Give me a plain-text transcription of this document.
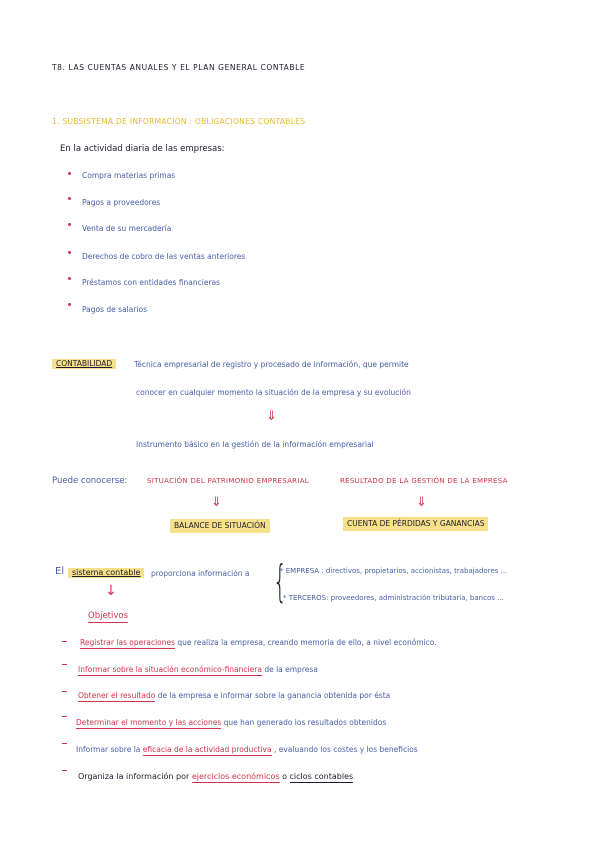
T8. LAS CUENTAS ANUALES Y EL PLAN GENERAL CONTABLE
1. SUBSISTEMA DE INFORMACIÓN . OBLIGACIONES CONTABLES
En la actividad diaria de las empresas:
Compra materias primas
Pagos a proveedores
Venta de su mercadería
Derechos de cobro de las ventas anteriores
Préstamos con entidades financieras
Pagos de salarios
CONTABILIDAD	Técnica empresarial de registro y procesado de información, que permite
conocer en cualquier momento la situación de la empresa y su evolución
⇓
Instrumento básico en la gestión de la información empresarial
Puede conocerse:	SITUACIÓN DEL PATRIMONIO EMPRESARIAL	RESULTADO DE LA GESTIÓN DE LA EMPRESA
⇓	⇓
BALANCE DE SITUACIÓN	CUENTA DE PÉRDIDAS Y GANANCIAS
El sistema contable	proporciona información a {
* EMPRESA : directivos, propietarios, accionistas, trabajadores ...
* TERCEROS: proveedores, administración tributaria, bancos ...
↓
Objetivos
Registrar las operaciones que realiza la empresa, creando memoria de ello, a nivel económico.
Informar sobre la situación económico-financiera de la empresa
Obtener el resultado de la empresa e informar sobre la ganancia obtenida por ésta
Determinar el momento y las acciones que han generado los resultados obtenidos
Informar sobre la eficacia de la actividad productiva , evaluando los costes y los beneficios
Organiza la información por ejercicios económicos o ciclos contables
